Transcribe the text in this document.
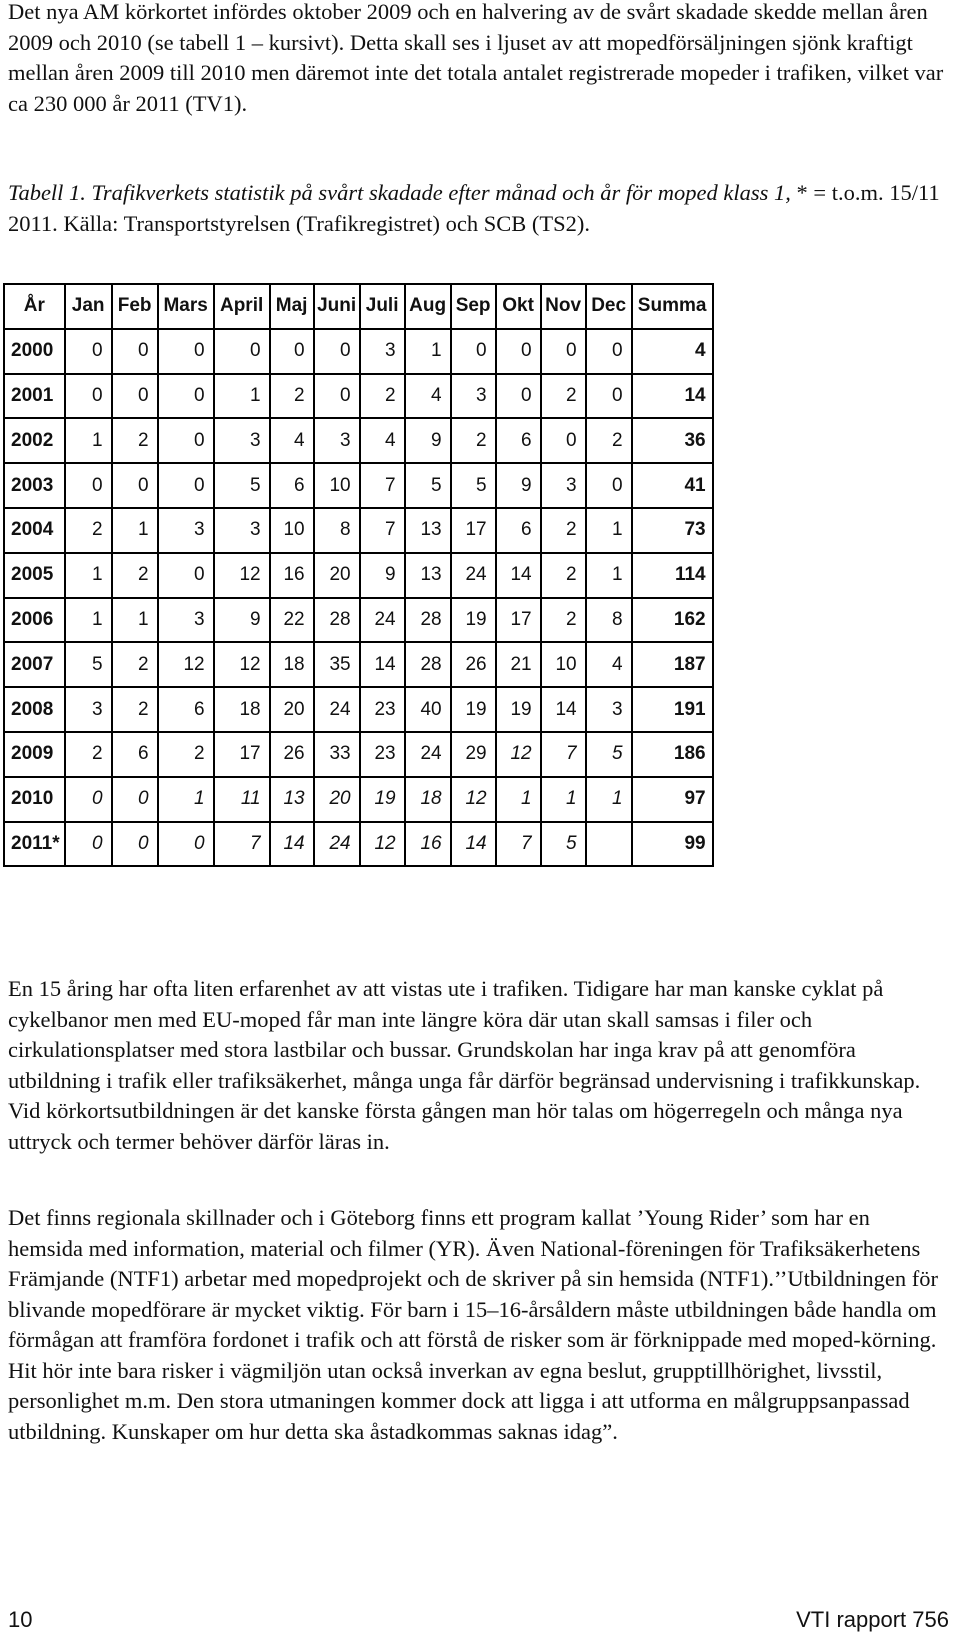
Det nya AM körkortet infördes oktober 2009 och en halvering av de svårt skadade skedde mellan åren 2009 och 2010 (se tabell 1 – kursivt). Detta skall ses i ljuset av att mopedförsäljningen sjönk kraftigt mellan åren 2009 till 2010 men däremot inte det totala antalet registrerade mopeder i trafiken, vilket var ca 230 000 år 2011 (TV1).

Tabell 1. Trafikverkets statistik på svårt skadade efter månad och år för moped klass 1, * = t.o.m. 15/11 2011. Källa: Transportstyrelsen (Trafikregistret) och SCB (TS2).

År	Jan	Feb	Mars	April	Maj	Juni	Juli	Aug	Sep	Okt	Nov	Dec	Summa
2000	0	0	0	0	0	0	3	1	0	0	0	0	4
2001	0	0	0	1	2	0	2	4	3	0	2	0	14
2002	1	2	0	3	4	3	4	9	2	6	0	2	36
2003	0	0	0	5	6	10	7	5	5	9	3	0	41
2004	2	1	3	3	10	8	7	13	17	6	2	1	73
2005	1	2	0	12	16	20	9	13	24	14	2	1	114
2006	1	1	3	9	22	28	24	28	19	17	2	8	162
2007	5	2	12	12	18	35	14	28	26	21	10	4	187
2008	3	2	6	18	20	24	23	40	19	19	14	3	191
2009	2	6	2	17	26	33	23	24	29	12	7	5	186
2010	0	0	1	11	13	20	19	18	12	1	1	1	97
2011*	0	0	0	7	14	24	12	16	14	7	5		99

En 15 åring har ofta liten erfarenhet av att vistas ute i trafiken. Tidigare har man kanske cyklat på cykelbanor men med EU-moped får man inte längre köra där utan skall samsas i filer och cirkulationsplatser med stora lastbilar och bussar. Grundskolan har inga krav på att genomföra utbildning i trafik eller trafiksäkerhet, många unga får därför begränsad undervisning i trafikkunskap. Vid körkortsutbildningen är det kanske första gången man hör talas om högerregeln och många nya uttryck och termer behöver därför läras in.

Det finns regionala skillnader och i Göteborg finns ett program kallat ’Young Rider’ som har en hemsida med information, material och filmer (YR). Även National-föreningen för Trafiksäkerhetens Främjande (NTF1) arbetar med mopedprojekt och de skriver på sin hemsida (NTF1).’’Utbildningen för blivande mopedförare är mycket viktig. För barn i 15–16-årsåldern måste utbildningen både handla om förmågan att framföra fordonet i trafik och att förstå de risker som är förknippade med moped-körning. Hit hör inte bara risker i vägmiljön utan också inverkan av egna beslut, grupptillhörighet, livsstil, personlighet m.m. Den stora utmaningen kommer dock att ligga i att utforma en målgruppsanpassad utbildning. Kunskaper om hur detta ska åstadkommas saknas idag”.

10	VTI rapport 756
